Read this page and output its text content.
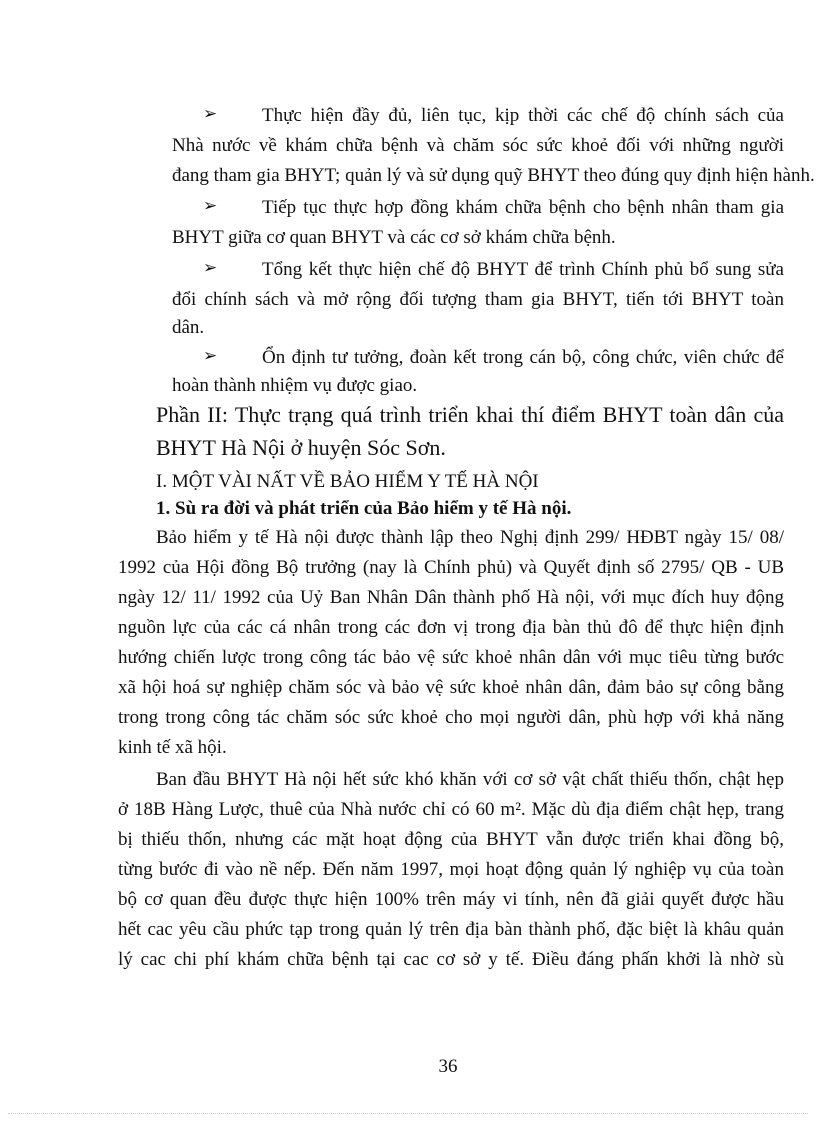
➢ Thực hiện đầy đủ, liên tục, kịp thời các chế độ chính sách của
Nhà nước về khám chữa bệnh và chăm sóc sức khoẻ đối với những người
đang tham gia BHYT; quản lý và sử dụng quỹ BHYT theo đúng quy định hiện hành.
➢ Tiếp tục thực hợp đồng khám chữa bệnh cho bệnh nhân tham gia
BHYT giữa cơ quan BHYT và các cơ sở khám chữa bệnh.
➢ Tổng kết thực hiện chế độ BHYT để trình Chính phủ bổ sung sửa
đổi chính sách và mở rộng đối tượng tham gia BHYT, tiến tới BHYT toàn
dân.
➢ Ổn định tư tưởng, đoàn kết trong cán bộ, công chức, viên chức để
hoàn thành nhiệm vụ được giao.
Phần II: Thực trạng quá trình triển khai thí điểm BHYT toàn dân của
BHYT Hà Nội ở huyện Sóc Sơn.
I. MỘT VÀI NẤT VỀ BẢO HIỂM Y TẾ HÀ NỘI
1. Sù ra đời và phát triển của Bảo hiểm y tế Hà nội.
Bảo hiểm y tế Hà nội được thành lập theo Nghị định 299/ HĐBT ngày 15/ 08/
1992 của Hội đồng Bộ trưởng (nay là Chính phủ) và Quyết định số 2795/ QB - UB
ngày 12/ 11/ 1992 của Uỷ Ban Nhân Dân thành phố Hà nội, với mục đích huy động
nguồn lực của các cá nhân trong các đơn vị trong địa bàn thủ đô để thực hiện định
hướng chiến lược trong công tác bảo vệ sức khoẻ nhân dân với mục tiêu từng bước
xã hội hoá sự nghiệp chăm sóc và bảo vệ sức khoẻ nhân dân, đảm bảo sự công bằng
trong trong công tác chăm sóc sức khoẻ cho mọi người dân, phù hợp với khả năng
kinh tế xã hội.
Ban đầu BHYT Hà nội hết sức khó khăn với cơ sở vật chất thiếu thốn, chật hẹp
ở 18B Hàng Lược, thuê của Nhà nước chỉ có 60 m². Mặc dù địa điểm chật hẹp, trang
bị thiếu thốn, nhưng các mặt hoạt động của BHYT vẫn được triển khai đồng bộ,
từng bước đi vào nề nếp. Đến năm 1997, mọi hoạt động quản lý nghiệp vụ của toàn
bộ cơ quan đều được thực hiện 100% trên máy vi tính, nên đã giải quyết được hầu
hết cac yêu cầu phức tạp trong quản lý trên địa bàn thành phố, đặc biệt là khâu quản
lý cac chi phí khám chữa bệnh tại cac cơ sở y tế. Điều đáng phấn khởi là nhờ sù
36
